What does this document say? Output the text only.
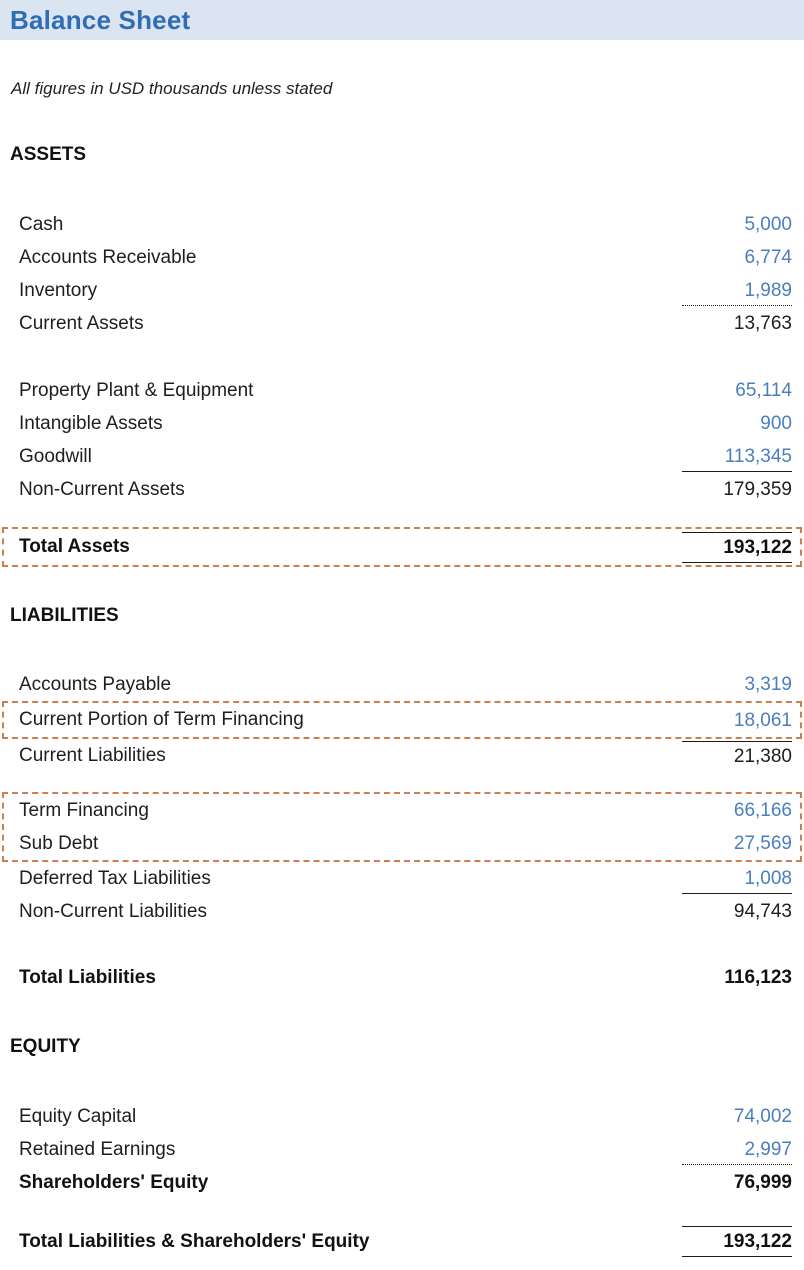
Balance Sheet

All figures in USD thousands unless stated

ASSETS
Cash	5,000
Accounts Receivable	6,774
Inventory	1,989
Current Assets	13,763
Property Plant & Equipment	65,114
Intangible Assets	900
Goodwill	113,345
Non-Current Assets	179,359
Total Assets	193,122
LIABILITIES
Accounts Payable	3,319
Current Portion of Term Financing	18,061
Current Liabilities	21,380
Term Financing	66,166
Sub Debt	27,569
Deferred Tax Liabilities	1,008
Non-Current Liabilities	94,743
Total Liabilities	116,123
EQUITY
Equity Capital	74,002
Retained Earnings	2,997
Shareholders' Equity	76,999
Total Liabilities & Shareholders' Equity	193,122
